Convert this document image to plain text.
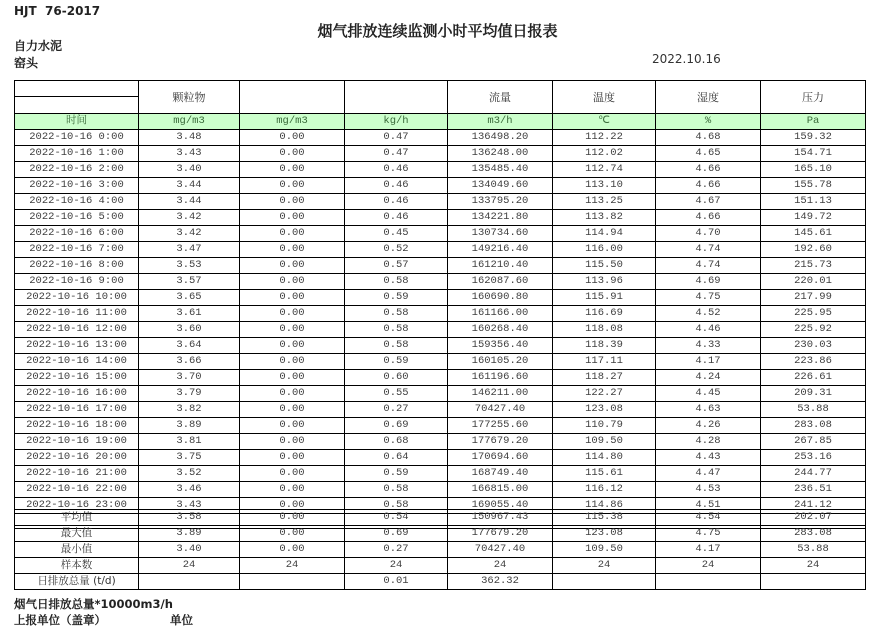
HJT  76-2017
烟气排放连续监测小时平均值日报表
自力水泥
窑头	2022.10.16
	颗粒物			流量	温度	湿度	压力
时间	mg/m3	mg/m3	kg/h	m3/h	℃	%	Pa
2022-10-16 0:00	3.48	0.00	0.47	136498.20	112.22	4.68	159.32
2022-10-16 1:00	3.43	0.00	0.47	136248.00	112.02	4.65	154.71
2022-10-16 2:00	3.40	0.00	0.46	135485.40	112.74	4.66	165.10
2022-10-16 3:00	3.44	0.00	0.46	134049.60	113.10	4.66	155.78
2022-10-16 4:00	3.44	0.00	0.46	133795.20	113.25	4.67	151.13
2022-10-16 5:00	3.42	0.00	0.46	134221.80	113.82	4.66	149.72
2022-10-16 6:00	3.42	0.00	0.45	130734.60	114.94	4.70	145.61
2022-10-16 7:00	3.47	0.00	0.52	149216.40	116.00	4.74	192.60
2022-10-16 8:00	3.53	0.00	0.57	161210.40	115.50	4.74	215.73
2022-10-16 9:00	3.57	0.00	0.58	162087.60	113.96	4.69	220.01
2022-10-16 10:00	3.65	0.00	0.59	160690.80	115.91	4.75	217.99
2022-10-16 11:00	3.61	0.00	0.58	161166.00	116.69	4.52	225.95
2022-10-16 12:00	3.60	0.00	0.58	160268.40	118.08	4.46	225.92
2022-10-16 13:00	3.64	0.00	0.58	159356.40	118.39	4.33	230.03
2022-10-16 14:00	3.66	0.00	0.59	160105.20	117.11	4.17	223.86
2022-10-16 15:00	3.70	0.00	0.60	161196.60	118.27	4.24	226.61
2022-10-16 16:00	3.79	0.00	0.55	146211.00	122.27	4.45	209.31
2022-10-16 17:00	3.82	0.00	0.27	70427.40	123.08	4.63	53.88
2022-10-16 18:00	3.89	0.00	0.69	177255.60	110.79	4.26	283.08
2022-10-16 19:00	3.81	0.00	0.68	177679.20	109.50	4.28	267.85
2022-10-16 20:00	3.75	0.00	0.64	170694.60	114.80	4.43	253.16
2022-10-16 21:00	3.52	0.00	0.59	168749.40	115.61	4.47	244.77
2022-10-16 22:00	3.46	0.00	0.58	166815.00	116.12	4.53	236.51
2022-10-16 23:00	3.43	0.00	0.58	169055.40	114.86	4.51	241.12

平均值	3.58	0.00	0.54	150967.43	115.38	4.54	202.07
最大值	3.89	0.00	0.69	177679.20	123.08	4.75	283.08
最小值	3.40	0.00	0.27	70427.40	109.50	4.17	53.88
样本数	24	24	24	24	24	24	24
日排放总量 (t/d)			0.01	362.32			
烟气日排放总量*10000m3/h
上报单位（盖章）	单位
